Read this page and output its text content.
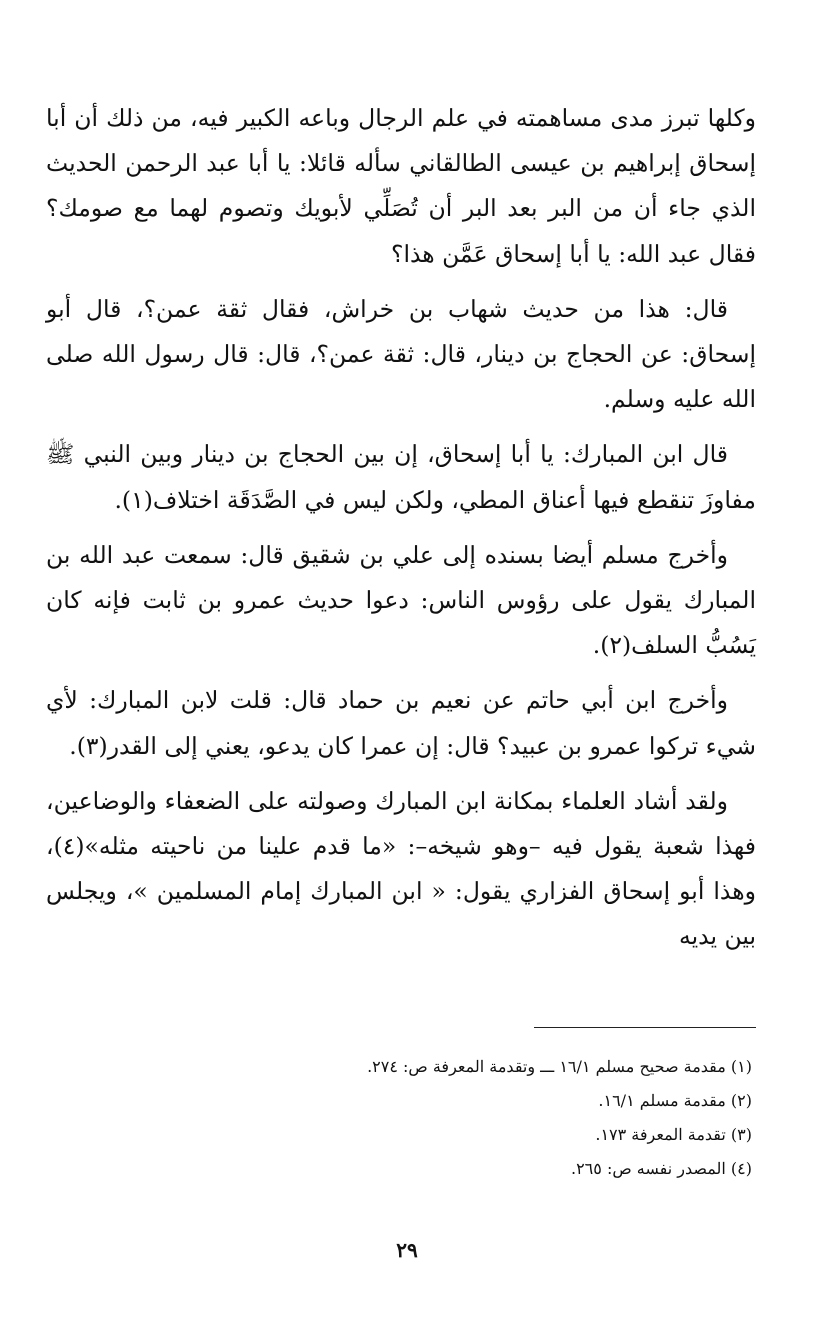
وكلها تبرز مدى مساهمته في علم الرجال وباعه الكبير فيه، من ذلك أن أبا إسحاق إبراهيم بن عيسى الطالقاني سأله قائلا: يا أبا عبد الرحمن الحديث الذي جاء أن من البر بعد البر أن تُصَلِّي لأبويك وتصوم لهما مع صومك؟ فقال عبد الله: يا أبا إسحاق عَمَّن هذا؟

قال: هذا من حديث شهاب بن خراش، فقال ثقة عمن؟، قال أبو إسحاق: عن الحجاج بن دينار، قال: ثقة عمن؟، قال: قال رسول الله صلى الله عليه وسلم.

قال ابن المبارك: يا أبا إسحاق، إن بين الحجاج بن دينار وبين النبي ﷺ مفاوزَ تنقطع فيها أعناق المطي، ولكن ليس في الصَّدَقَة اختلاف(١).

وأخرج مسلم أيضا بسنده إلى علي بن شقيق قال: سمعت عبد الله بن المبارك يقول على رؤوس الناس: دعوا حديث عمرو بن ثابت فإنه كان يَسُبُّ السلف(٢).

وأخرج ابن أبي حاتم عن نعيم بن حماد قال: قلت لابن المبارك: لأي شيء تركوا عمرو بن عبيد؟ قال: إن عمرا كان يدعو، يعني إلى القدر(٣).

ولقد أشاد العلماء بمكانة ابن المبارك وصولته على الضعفاء والوضاعين، فهذا شعبة يقول فيه –وهو شيخه–: «ما قدم علينا من ناحيته مثله»(٤)، وهذا أبو إسحاق الفزاري يقول: « ابن المبارك إمام المسلمين »، ويجلس بين يديه

(١) مقدمة صحيح مسلم ١٦/١ ـــ وتقدمة المعرفة ص: ٢٧٤.

(٢) مقدمة مسلم ١٦/١.

(٣) تقدمة المعرفة ١٧٣.

(٤) المصدر نفسه ص: ٢٦٥.

٢٩
